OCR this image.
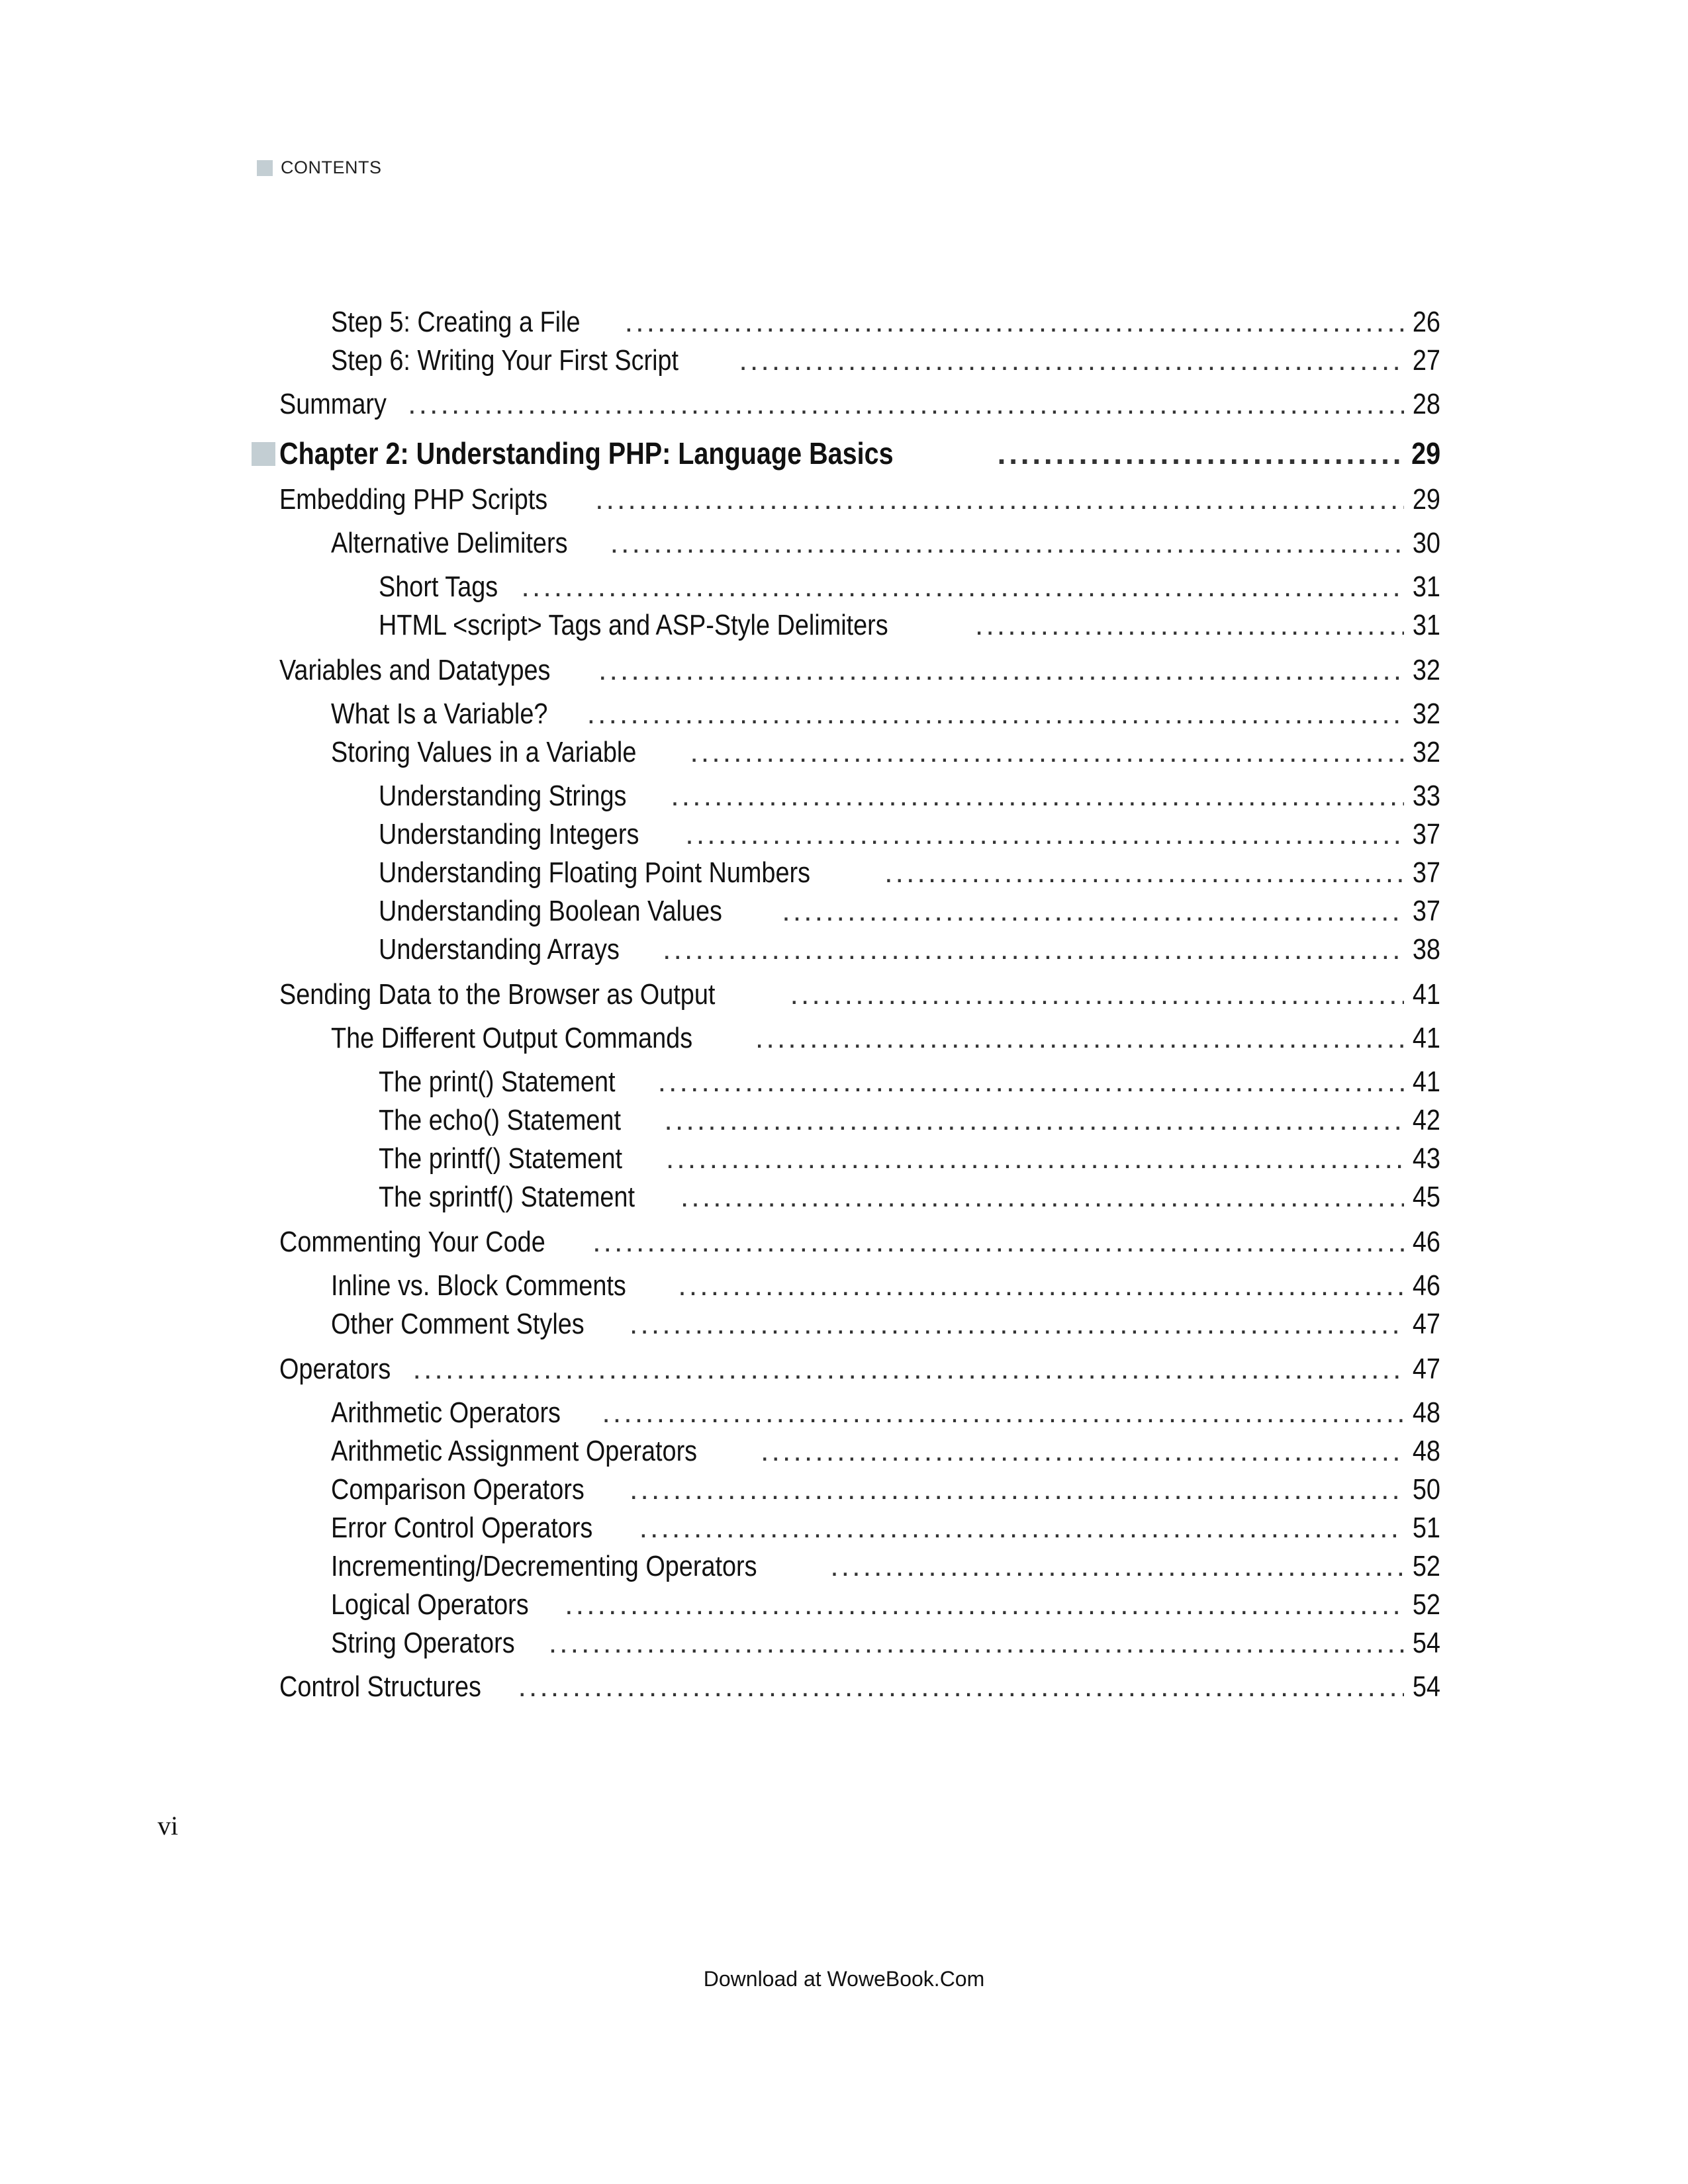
CONTENTS
Step 5: Creating a File . . .	26
Step 6: Writing Your First Script . . .	27
Summary . . .	28
Chapter 2: Understanding PHP: Language Basics . . .	29
Embedding PHP Scripts . . .	29
Alternative Delimiters . . .	30
Short Tags . . .	31
HTML <script> Tags and ASP-Style Delimiters . . .	31
Variables and Datatypes . . .	32
What Is a Variable? . . .	32
Storing Values in a Variable . . .	32
Understanding Strings . . .	33
Understanding Integers . . .	37
Understanding Floating Point Numbers . . .	37
Understanding Boolean Values . . .	37
Understanding Arrays . . .	38
Sending Data to the Browser as Output . . .	41
The Different Output Commands . . .	41
The print() Statement . . .	41
The echo() Statement . . .	42
The printf() Statement . . .	43
The sprintf() Statement . . .	45
Commenting Your Code . . .	46
Inline vs. Block Comments . . .	46
Other Comment Styles . . .	47
Operators . . .	47
Arithmetic Operators . . .	48
Arithmetic Assignment Operators . . .	48
Comparison Operators . . .	50
Error Control Operators . . .	51
Incrementing/Decrementing Operators . . .	52
Logical Operators . . .	52
String Operators . . .	54
Control Structures . . .	54
vi
Download at WoweBook.Com
